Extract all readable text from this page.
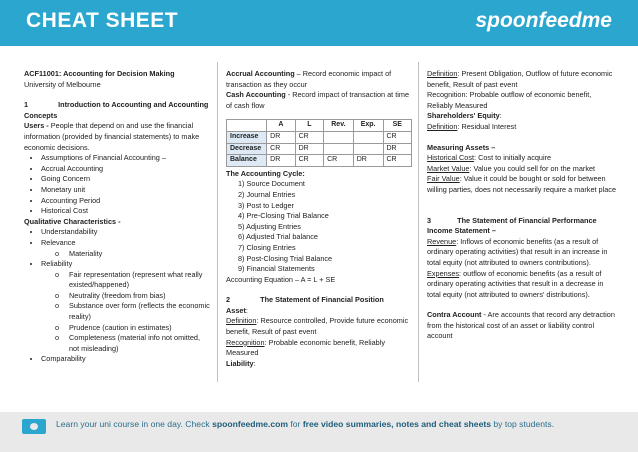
CHEAT SHEET	spoonfeedme

ACF11001: Accounting for Decision Making

University of Melbourne

1	Introduction to Accounting and Accounting Concepts

Users - People that depend on and use the financial information (provided by financial statements) to make economic decisions.

• Assumptions of Financial Accounting –
• Accrual Accounting
• Going Concern
• Monetary unit
• Accounting Period
• Historical Cost

Qualitative Characteristics -

• Understandability
• Relevance
o Materiality
• Reliability
o Fair representation (represent what really existed/happened)
o Neutrality (freedom from bias)
o Substance over form (reflects the economic reality)
o Prudence (caution in estimates)
o Completeness (material info not omitted, not misleading)
• Comparability

Accrual Accounting – Record economic impact of transaction as they occur

Cash Accounting - Record impact of transaction at time of cash flow

	A	L	Rev.	Exp.	SE
Increase	DR	CR			CR
Decrease	CR	DR			DR
Balance	DR	CR	CR	DR	CR

The Accounting Cycle:

1) Source Document
2) Journal Entries
3) Post to Ledger
4) Pre-Closing Trial Balance
5) Adjusting Entries
6) Adjusted Trial balance
7) Closing Entries
8) Post-Closing Trial Balance
9) Financial Statements

Accounting Equation – A = L + SE

2	The Statement of Financial Position

Asset:

Definition: Resource controlled, Provide future economic benefit, Result of past event

Recognition: Probable economic benefit, Reliably Measured

Liability:

Definition: Present Obligation, Outflow of future economic benefit, Result of past event

Recognition: Probable outflow of economic benefit, Reliably Measured

Shareholders' Equity:

Definition: Residual Interest

Measuring Assets –

Historical Cost: Cost to initially acquire

Market Value: Value you could sell for on the market

Fair Value: Value it could be bought or sold for between willing parties, does not necessarily require a market place

3	The Statement of Financial Performance

Income Statement –

Revenue: Inflows of economic benefits (as a result of ordinary operating activities) that result in an increase in total equity (not attributed to owners contributions).

Expenses: outflow of economic benefits (as a result of ordinary operating activities that result in a decrease in total equity (not attributed to owners' distributions).

Contra Account - Are accounts that record any detraction from the historical cost of an asset or liability control account

Learn your uni course in one day. Check spoonfeedme.com for free video summaries, notes and cheat sheets by top students.
